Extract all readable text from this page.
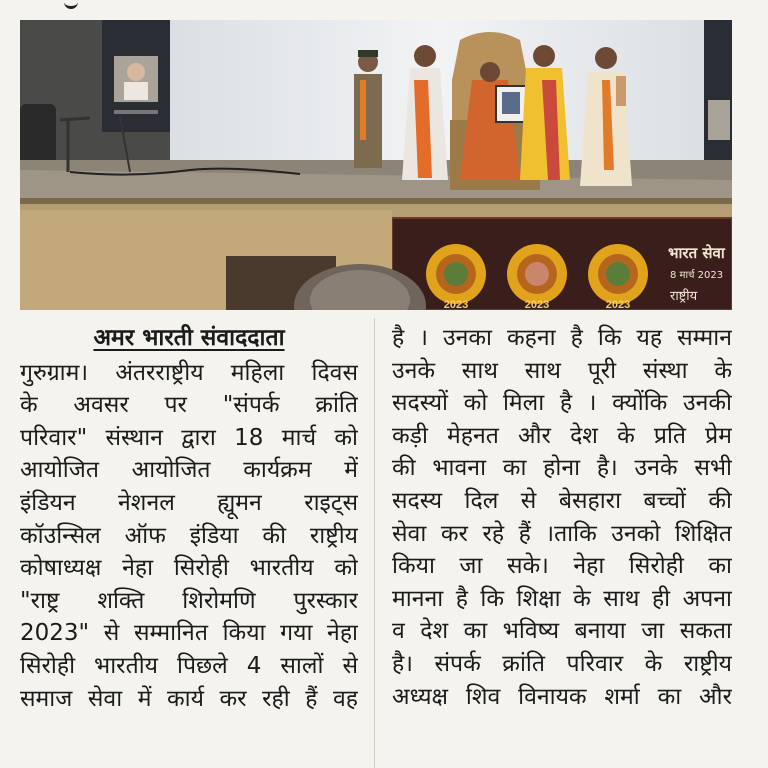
2023	2023	2023
भारत सेवा
8 मार्च 2023
राष्ट्रीय
अमर भारती संवाददाता
गुरुग्राम। अंतरराष्ट्रीय महिला दिवस
के अवसर पर "संपर्क क्रांति
परिवार" संस्थान द्वारा 18 मार्च को
आयोजित आयोजित कार्यक्रम में
इंडियन नेशनल ह्यूमन राइट्स
कॉउन्सिल ऑफ इंडिया की राष्ट्रीय
कोषाध्यक्ष नेहा सिरोही भारतीय को
"राष्ट्र शक्ति शिरोमणि पुरस्कार
2023" से सम्मानित किया गया नेहा
सिरोही भारतीय पिछले 4 सालों से
समाज सेवा में कार्य कर रही हैं वह
है । उनका कहना है कि यह सम्मान
उनके साथ साथ पूरी संस्था के
सदस्यों को मिला है । क्योंकि उनकी
कड़ी मेहनत और देश के प्रति प्रेम
की भावना का होना है। उनके सभी
सदस्य दिल से बेसहारा बच्चों की
सेवा कर रहे हैं ।ताकि उनको शिक्षित
किया जा सके। नेहा सिरोही का
मानना है कि शिक्षा के साथ ही अपना
व देश का भविष्य बनाया जा सकता
है। संपर्क क्रांति परिवार के राष्ट्रीय
अध्यक्ष शिव विनायक शर्मा का और
